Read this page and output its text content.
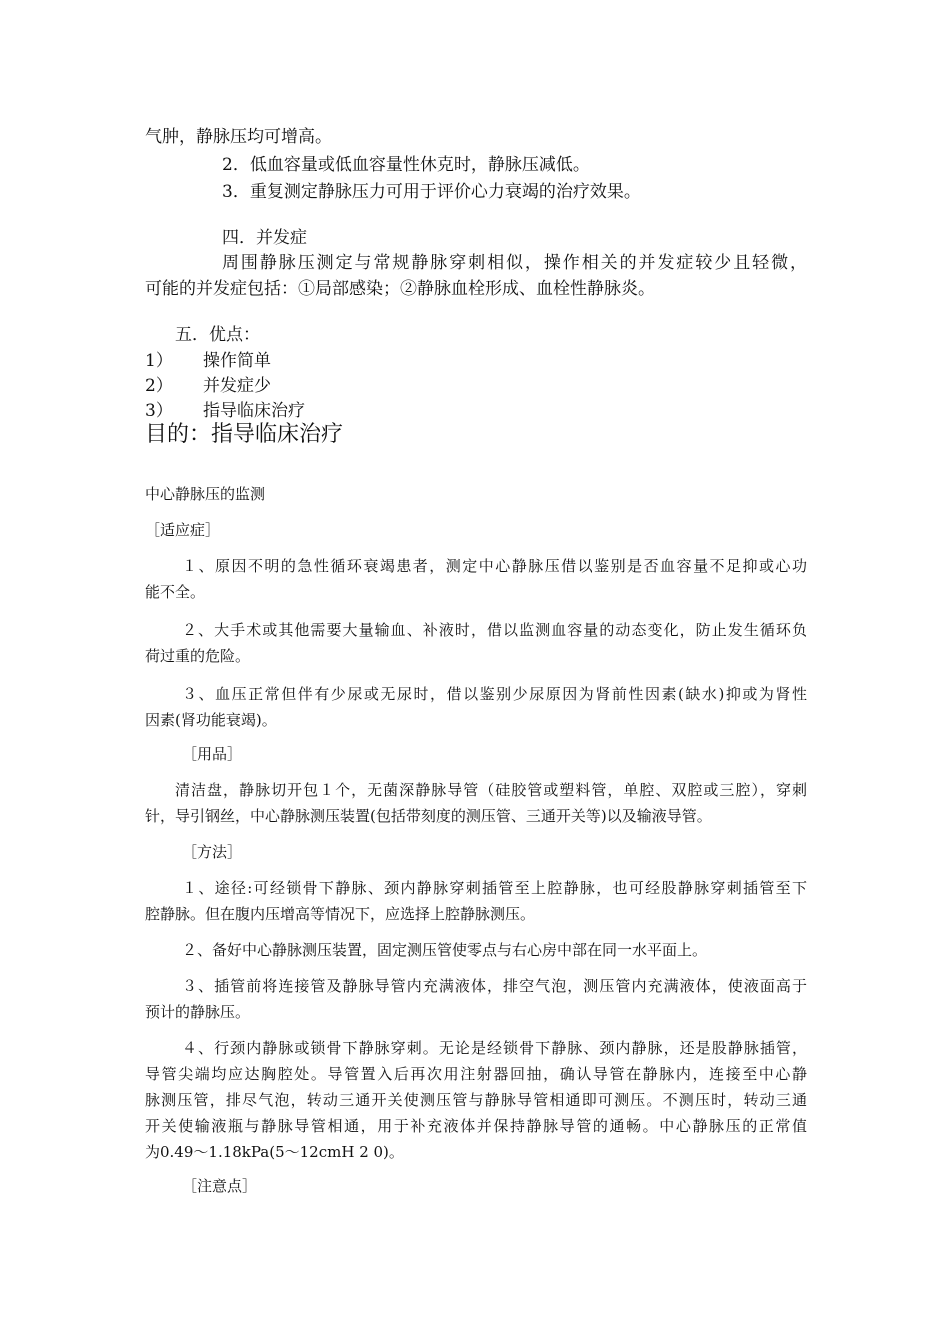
气肿，静脉压均可增高。
2．低血容量或低血容量性休克时，静脉压减低。
3．重复测定静脉压力可用于评价心力衰竭的治疗效果。
四．并发症
周围静脉压测定与常规静脉穿刺相似，操作相关的并发症较少且轻微，
可能的并发症包括：①局部感染；②静脉血栓形成、血栓性静脉炎。
五．优点：
1） 操作简单
2） 并发症少
3） 指导临床治疗
目的：指导临床治疗
中心静脉压的监测
［适应症］
１、原因不明的急性循环衰竭患者，测定中心静脉压借以鉴别是否血容量不足抑或心功
能不全。
２、大手术或其他需要大量输血、补液时，借以监测血容量的动态变化，防止发生循环负
荷过重的危险。
３、血压正常但伴有少尿或无尿时，借以鉴别少尿原因为肾前性因素(缺水)抑或为肾性
因素(肾功能衰竭)。
［用品］
清洁盘，静脉切开包１个，无菌深静脉导管（硅胶管或塑料管，单腔、双腔或三腔），穿刺
针，导引钢丝，中心静脉测压装置(包括带刻度的测压管、三通开关等)以及输液导管。
［方法］
１、途径:可经锁骨下静脉、颈内静脉穿刺插管至上腔静脉，也可经股静脉穿刺插管至下
腔静脉。但在腹内压增高等情况下，应选择上腔静脉测压。
２、备好中心静脉测压装置，固定测压管使零点与右心房中部在同一水平面上。
３、插管前将连接管及静脉导管内充满液体，排空气泡，测压管内充满液体，使液面高于
预计的静脉压。
４、行颈内静脉或锁骨下静脉穿刺。无论是经锁骨下静脉、颈内静脉，还是股静脉插管，
导管尖端均应达胸腔处。导管置入后再次用注射器回抽，确认导管在静脉内，连接至中心静
脉测压管，排尽气泡，转动三通开关使测压管与静脉导管相通即可测压。不测压时，转动三通
开关使输液瓶与静脉导管相通，用于补充液体并保持静脉导管的通畅。中心静脉压的正常值
为0.49～1.18kPa(5～12cmH 2 0)。
［注意点］
